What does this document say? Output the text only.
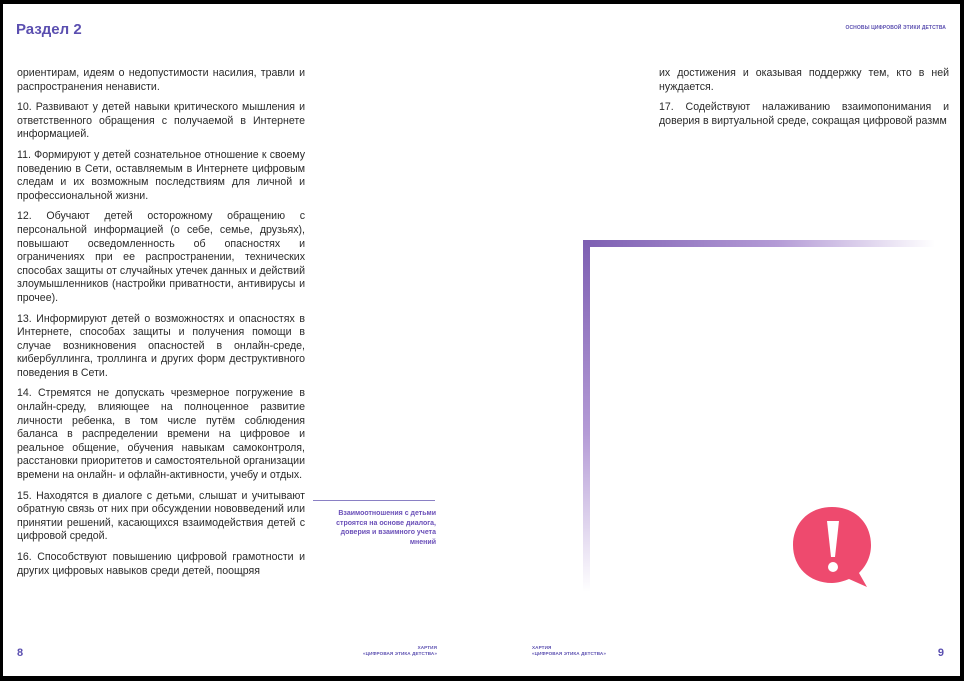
Раздел 2	ОСНОВЫ ЦИФРОВОЙ ЭТИКИ ДЕТСТВА

ориентирам, идеям о недопустимости насилия, травли и распространения ненависти.

10. Развивают у детей навыки критического мышления и ответственного обращения с получаемой в Интернете информацией.

11. Формируют у детей сознательное отношение к своему поведению в Сети, оставляемым в Интернете цифровым следам и их возможным последствиям для личной и профессиональной жизни.

12. Обучают детей осторожному обращению с персональной информацией (о себе, семье, друзьях), повышают осведомленность об опасностях и ограничениях при ее распространении, технических способах защиты от случайных утечек данных и действий злоумышленников (настройки приватности, антивирусы и прочее).

13. Информируют детей о возможностях и опасностях в Интернете, способах защиты и получения помощи в случае возникновения опасностей в онлайн-среде, кибербуллинга, троллинга и других форм деструктивного поведения в Сети.

14. Стремятся не допускать чрезмерное погружение в онлайн-среду, влияющее на полноценное развитие личности ребенка, в том числе путём соблюдения баланса в распределении времени на цифровое и реальное общение, обучения навыкам самоконтроля, расстановки приоритетов и самостоятельной организации времени на онлайн- и офлайн-активности, учебу и отдых.

15. Находятся в диалоге с детьми, слышат и учитывают обратную связь от них при обсуждении нововведений или принятии решений, касающихся взаимодействия детей с цифровой средой.

16. Способствуют повышению цифровой грамотности и других цифровых навыков среди детей, поощряя

Взаимоотношения с детьми строятся на основе диалога, доверия и взаимного учета мнений

их достижения и оказывая поддержку тем, кто в ней нуждается.

17. Содействуют налаживанию взаимопонимания и доверия в виртуальной среде, сокращая цифровой размм

8	9
ХАРТИЯ
«ЦИФРОВАЯ ЭТИКА ДЕТСТВА»
ХАРТИЯ
«ЦИФРОВАЯ ЭТИКА ДЕТСТВА»
